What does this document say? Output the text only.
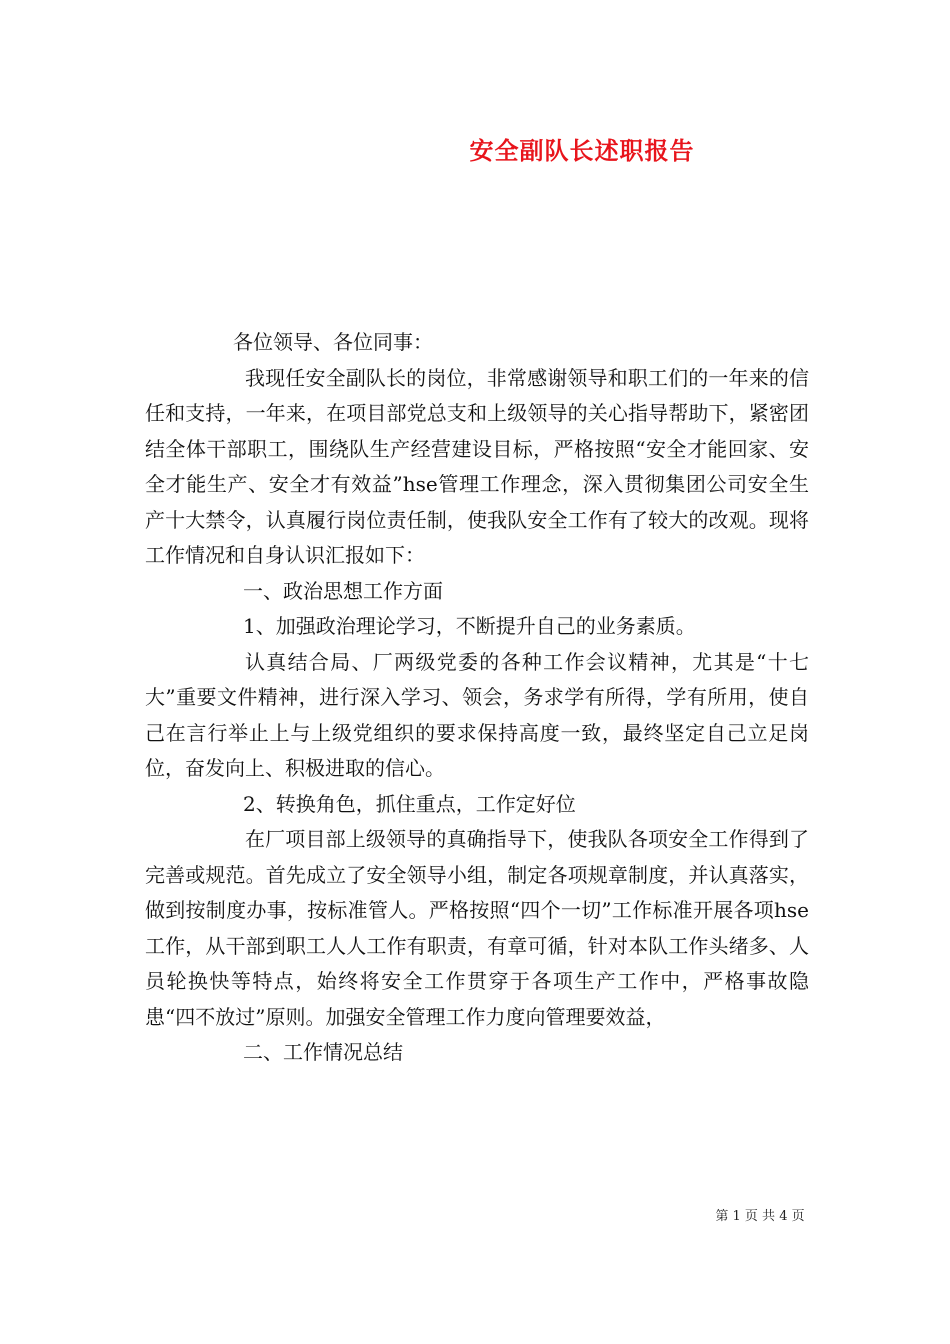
安全副队长述职报告

各位领导、各位同事：

我现任安全副队长的岗位，非常感谢领导和职工们的一年来的信任和支持，一年来，在项目部党总支和上级领导的关心指导帮助下，紧密团结全体干部职工，围绕队生产经营建设目标，严格按照“安全才能回家、安全才能生产、安全才有效益”hse管理工作理念，深入贯彻集团公司安全生产十大禁令，认真履行岗位责任制，使我队安全工作有了较大的改观。现将工作情况和自身认识汇报如下：

一、政治思想工作方面

1、加强政治理论学习，不断提升自己的业务素质。

认真结合局、厂两级党委的各种工作会议精神，尤其是“十七大”重要文件精神，进行深入学习、领会，务求学有所得，学有所用，使自己在言行举止上与上级党组织的要求保持高度一致，最终坚定自己立足岗位，奋发向上、积极进取的信心。

2、转换角色，抓住重点，工作定好位

在厂项目部上级领导的真确指导下，使我队各项安全工作得到了完善或规范。首先成立了安全领导小组，制定各项规章制度，并认真落实，做到按制度办事，按标准管人。严格按照“四个一切”工作标准开展各项hse工作，从干部到职工人人工作有职责，有章可循，针对本队工作头绪多、人员轮换快等特点，始终将安全工作贯穿于各项生产工作中，严格事故隐患“四不放过”原则。加强安全管理工作力度向管理要效益，

二、工作情况总结

第 1 页 共 4 页
